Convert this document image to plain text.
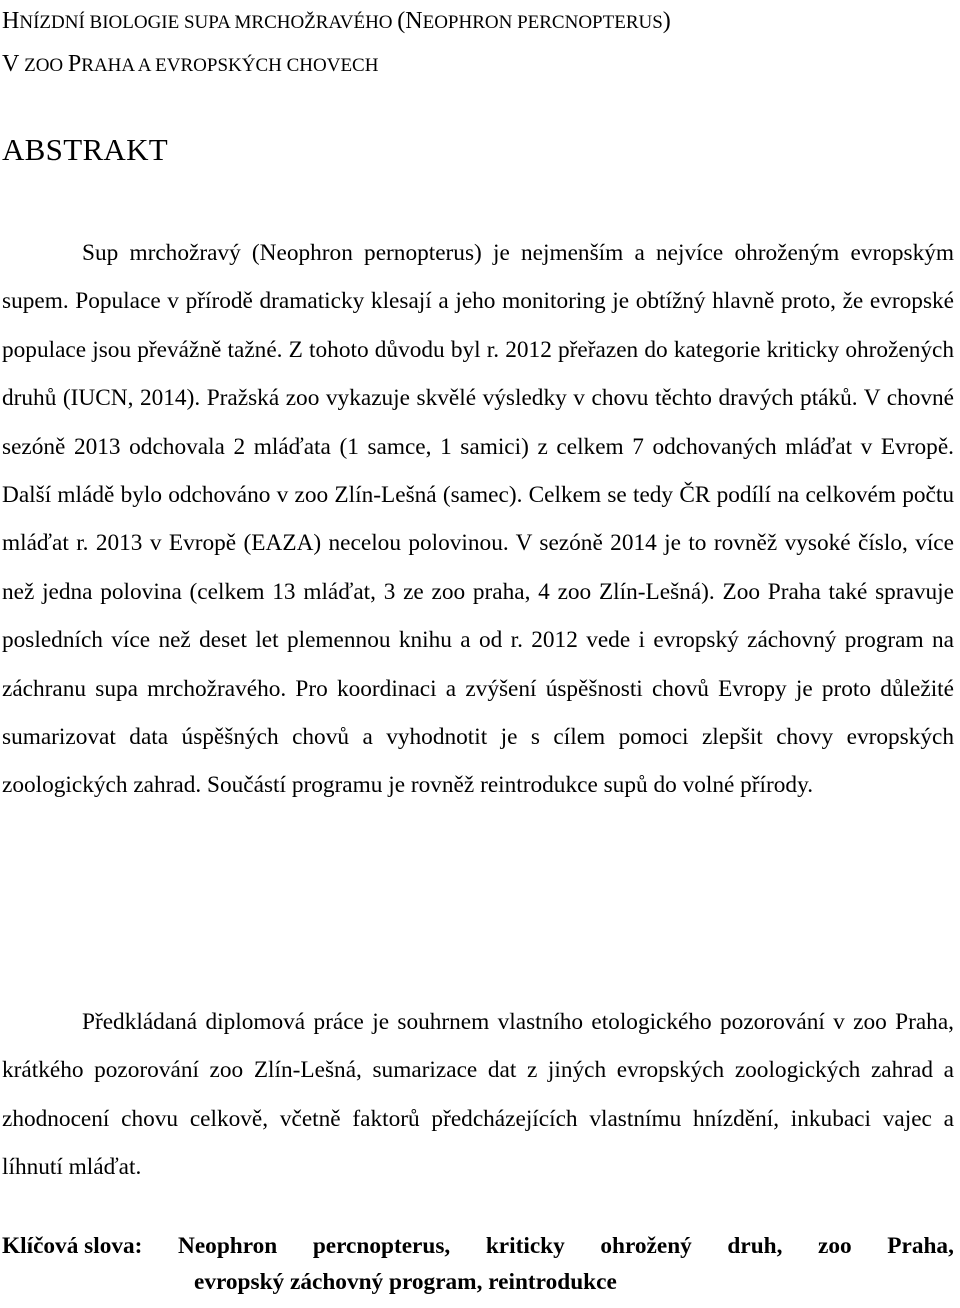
HNÍZDNÍ BIOLOGIE SUPA MRCHOŽRAVÉHO (NEOPHRON PERCNOPTERUS)
V ZOO PRAHA A EVROPSKÝCH CHOVECH
ABSTRAKT

Sup mrchožravý (Neophron pernopterus) je nejmenším a nejvíce ohroženým evropským supem. Populace v přírodě dramaticky klesají a jeho monitoring je obtížný hlavně proto, že evropské populace jsou převážně tažné. Z tohoto důvodu byl r. 2012 přeřazen do kategorie kriticky ohrožených druhů (IUCN, 2014). Pražská zoo vykazuje skvělé výsledky v chovu těchto dravých ptáků. V chovné sezóně 2013 odchovala 2 mláďata (1 samce, 1 samici) z celkem 7 odchovaných mláďat v Evropě. Další mládě bylo odchováno v zoo Zlín-Lešná (samec). Celkem se tedy ČR podílí na celkovém počtu mláďat r. 2013 v Evropě (EAZA) necelou polovinou. V sezóně 2014 je to rovněž vysoké číslo, více než jedna polovina (celkem 13 mláďat, 3 ze zoo praha, 4 zoo Zlín-Lešná). Zoo Praha také spravuje posledních více než deset let plemennou knihu a od r. 2012 vede i evropský záchovný program na záchranu supa mrchožravého. Pro koordinaci a zvýšení úspěšnosti chovů Evropy je proto důležité sumarizovat data úspěšných chovů a vyhodnotit je s cílem pomoci zlepšit chovy evropských zoologických zahrad. Součástí programu je rovněž reintrodukce supů do volné přírody.

Předkládaná diplomová práce je souhrnem vlastního etologického pozorování v zoo Praha, krátkého pozorování zoo Zlín-Lešná, sumarizace dat z jiných evropských zoologických zahrad a zhodnocení chovu celkově, včetně faktorů předcházejících vlastnímu hnízdění, inkubaci vajec a líhnutí mláďat.

Klíčová slova: Neophron percnopterus, kriticky ohrožený druh, zoo Praha,
evropský záchovný program, reintrodukce
